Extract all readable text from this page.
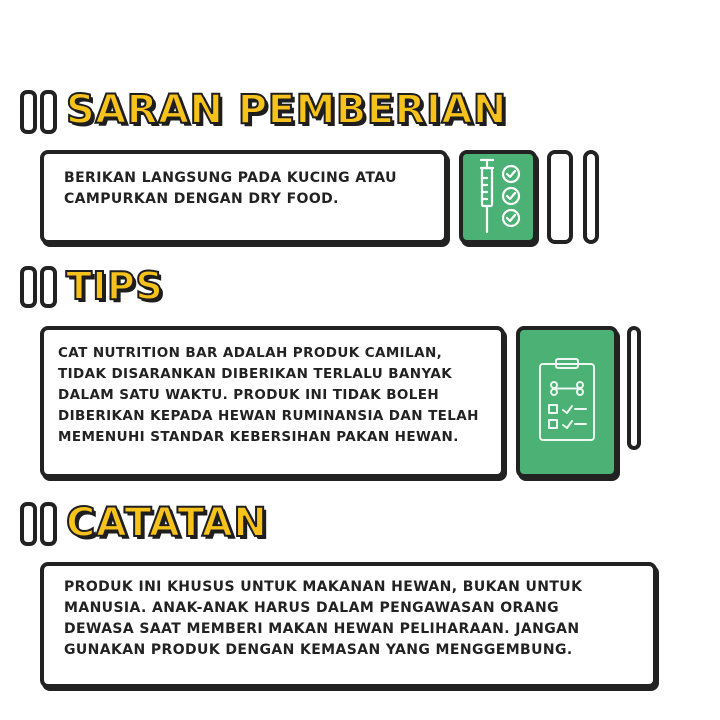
SARAN PEMBERIAN

BERIKAN LANGSUNG PADA KUCING ATAU CAMPURKAN DENGAN DRY FOOD.

TIPS

CAT NUTRITION BAR ADALAH PRODUK CAMILAN, TIDAK DISARANKAN DIBERIKAN TERLALU BANYAK DALAM SATU WAKTU. PRODUK INI TIDAK BOLEH DIBERIKAN KEPADA HEWAN RUMINANSIA DAN TELAH MEMENUHI STANDAR KEBERSIHAN PAKAN HEWAN.

CATATAN

PRODUK INI KHUSUS UNTUK MAKANAN HEWAN, BUKAN UNTUK MANUSIA. ANAK-ANAK HARUS DALAM PENGAWASAN ORANG DEWASA SAAT MEMBERI MAKAN HEWAN PELIHARAAN. JANGAN GUNAKAN PRODUK DENGAN KEMASAN YANG MENGGEMBUNG.
